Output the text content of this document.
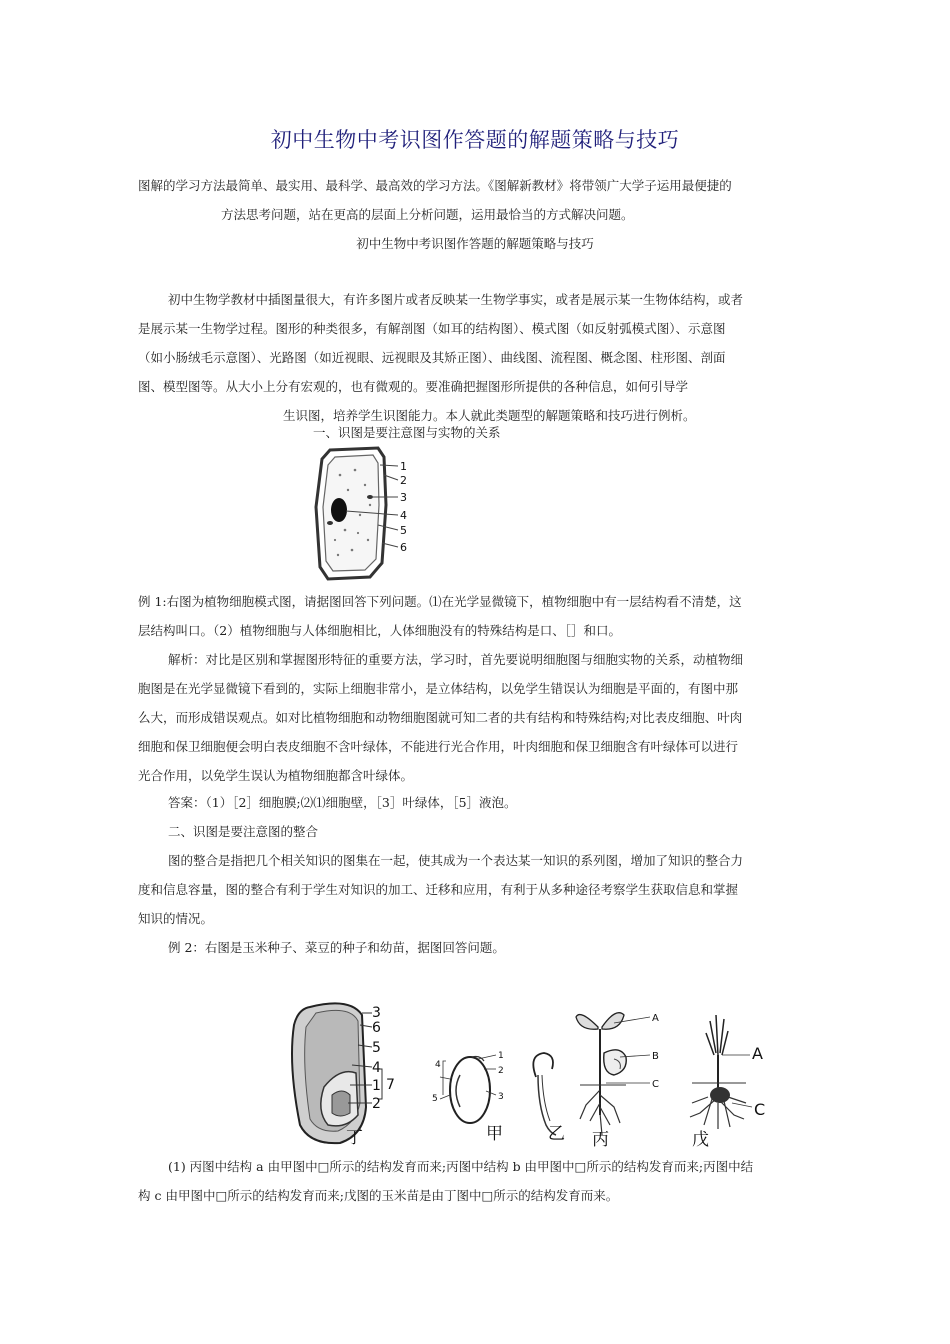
初中生物中考识图作答题的解题策略与技巧
图解的学习方法最简单、最实用、最科学、最高效的学习方法。《图解新教材》将带领广大学子运用最便捷的
方法思考问题，站在更高的层面上分析问题，运用最恰当的方式解决问题。
初中生物中考识图作答题的解题策略与技巧
初中生物学教材中插图量很大，有许多图片或者反映某一生物学事实，或者是展示某一生物体结构，或者
是展示某一生物学过程。图形的种类很多，有解剖图（如耳的结构图）、模式图（如反射弧模式图）、示意图
（如小肠绒毛示意图）、光路图（如近视眼、远视眼及其矫正图）、曲线图、流程图、概念图、柱形图、剖面
图、模型图等。从大小上分有宏观的，也有微观的。要准确把握图形所提供的各种信息，如何引导学
生识图，培养学生识图能力。本人就此类题型的解题策略和技巧进行例析。
一、识图是要注意图与实物的关系
1
2
3
4
5
6
例 1:右图为植物细胞模式图，请据图回答下列问题。⑴在光学显微镜下，植物细胞中有一层结构看不清楚，这
层结构叫口。（2）植物细胞与人体细胞相比，人体细胞没有的特殊结构是口、［］和口。
解析：对比是区别和掌握图形特征的重要方法，学习时，首先要说明细胞图与细胞实物的关系，动植物细
胞图是在光学显微镜下看到的，实际上细胞非常小，是立体结构，以免学生错误认为细胞是平面的，有图中那
么大，而形成错误观点。如对比植物细胞和动物细胞图就可知二者的共有结构和特殊结构;对比表皮细胞、叶肉
细胞和保卫细胞便会明白表皮细胞不含叶绿体，不能进行光合作用，叶肉细胞和保卫细胞含有叶绿体可以进行
光合作用，以免学生误认为植物细胞都含叶绿体。
答案：（1）［2］细胞膜;⑵⑴细胞壁，［3］叶绿体，［5］液泡。
二、识图是要注意图的整合
图的整合是指把几个相关知识的图集在一起，使其成为一个表达某一知识的系列图，增加了知识的整合力
度和信息容量，图的整合有利于学生对知识的加工、迁移和应用，有利于从多种途径考察学生获取信息和掌握
知识的情况。
例 2：右图是玉米种子、菜豆的种子和幼苗，据图回答问题。
3
6
5
4
1
2
7
丁
1
2
3
4
5
甲	乙
A
B
C
丙
A
C
戊
(1) 丙图中结构 a 由甲图中□所示的结构发育而来;丙图中结构 b 由甲图中□所示的结构发育而来;丙图中结
构 c 由甲图中□所示的结构发育而来;戊图的玉米苗是由丁图中□所示的结构发育而来。
